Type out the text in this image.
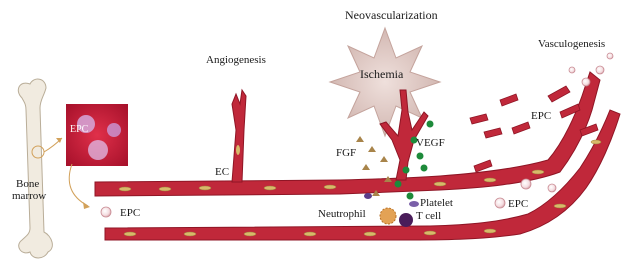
Neovascularization
Angiogenesis
Vasculogenesis
Ischemia
EPC
Bone
marrow
EPC
EC
FGF
VEGF
EPC
Neutrophil
Platelet
T cell
EPC
